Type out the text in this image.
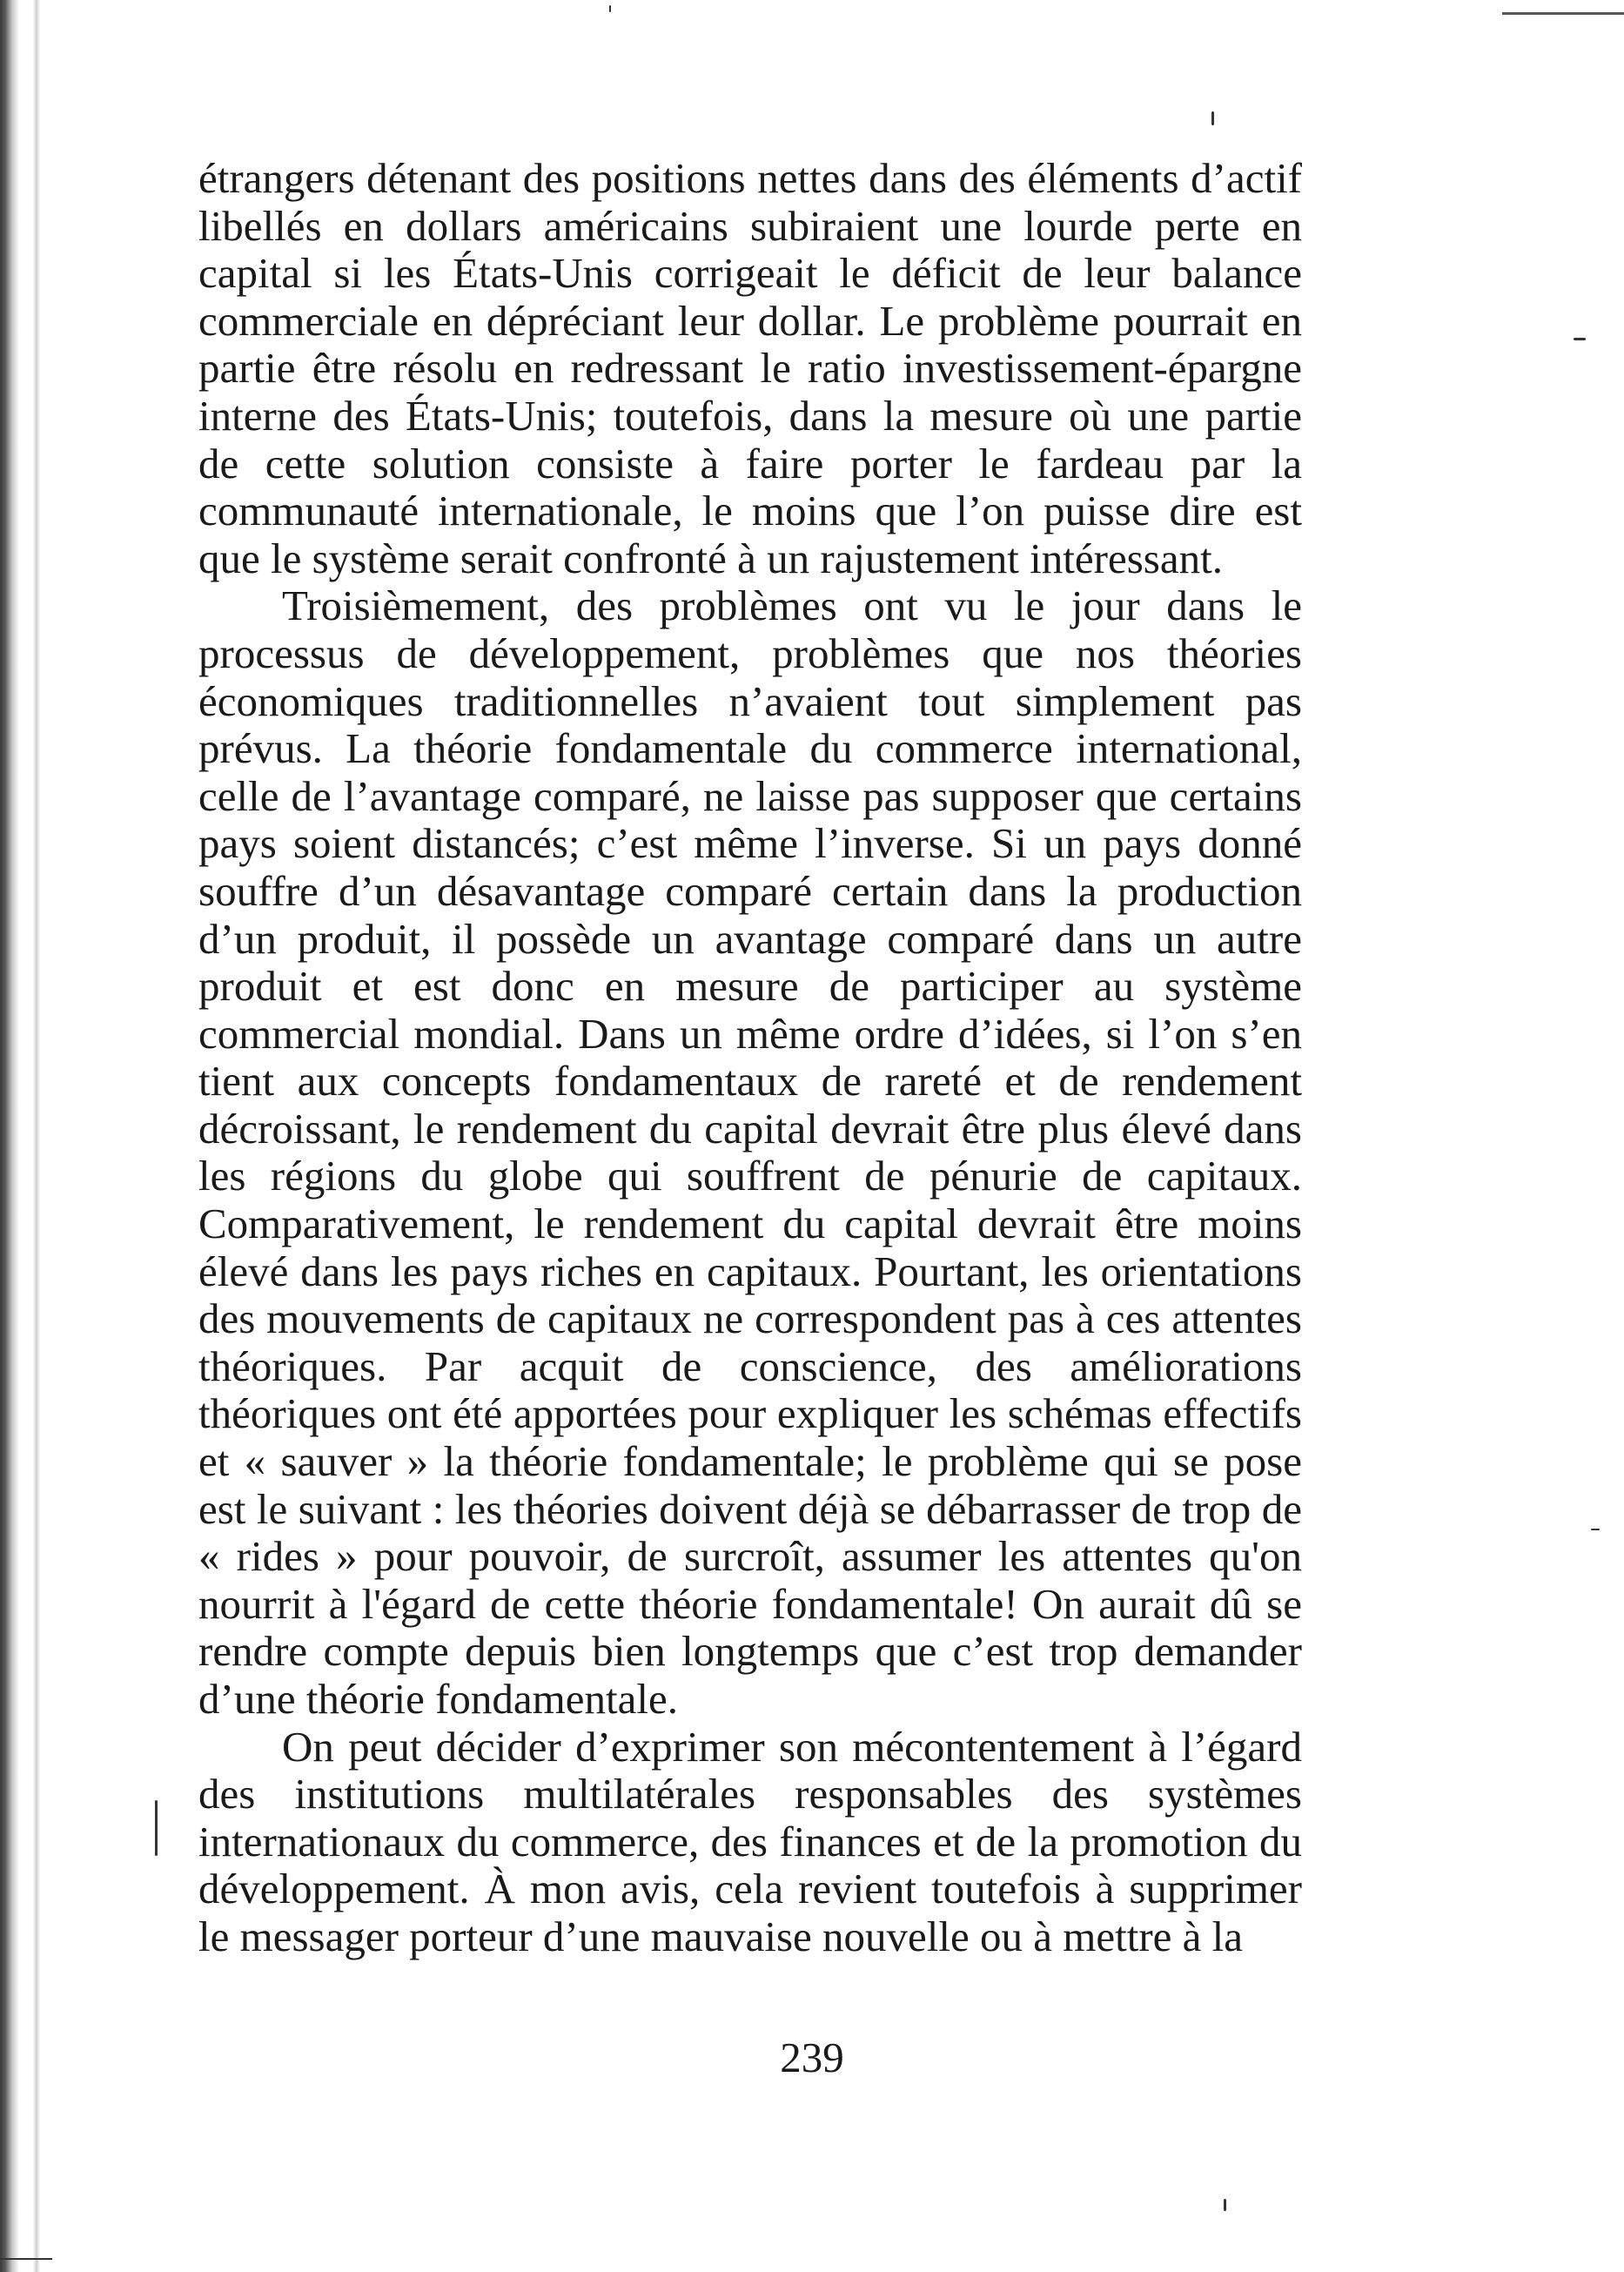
étrangers détenant des positions nettes dans des éléments d’actif libellés en dollars américains subiraient une lourde perte en capital si les États-Unis corrigeait le déficit de leur balance commerciale en dépréciant leur dollar. Le problème pourrait en partie être résolu en redressant le ratio investissement-épargne interne des États-Unis; toutefois, dans la mesure où une partie de cette solution consiste à faire porter le fardeau par la communauté internationale, le moins que l’on puisse dire est que le système serait confronté à un rajustement intéressant.

Troisièmement, des problèmes ont vu le jour dans le processus de développement, problèmes que nos théories économiques traditionnelles n’avaient tout simplement pas prévus. La théorie fondamentale du commerce international, celle de l’avantage comparé, ne laisse pas supposer que certains pays soient distancés; c’est même l’inverse. Si un pays donné souffre d’un désavantage comparé certain dans la production d’un produit, il possède un avantage comparé dans un autre produit et est donc en mesure de participer au système commercial mondial. Dans un même ordre d’idées, si l’on s’en tient aux concepts fondamentaux de rareté et de rendement décroissant, le rendement du capital devrait être plus élevé dans les régions du globe qui souffrent de pénurie de capitaux. Comparativement, le rendement du capital devrait être moins élevé dans les pays riches en capitaux. Pourtant, les orientations des mouvements de capitaux ne correspondent pas à ces attentes théoriques. Par acquit de conscience, des améliorations théoriques ont été apportées pour expliquer les schémas effectifs et « sauver » la théorie fondamentale; le problème qui se pose est le suivant : les théories doivent déjà se débarrasser de trop de « rides » pour pouvoir, de surcroît, assumer les attentes qu'on nourrit à l'égard de cette théorie fondamentale! On aurait dû se rendre compte depuis bien longtemps que c’est trop demander d’une théorie fondamentale.

On peut décider d’exprimer son mécontentement à l’égard des institutions multilatérales responsables des systèmes internationaux du commerce, des finances et de la promotion du développement. À mon avis, cela revient toutefois à supprimer le messager porteur d’une mauvaise nouvelle ou à mettre à la

239
